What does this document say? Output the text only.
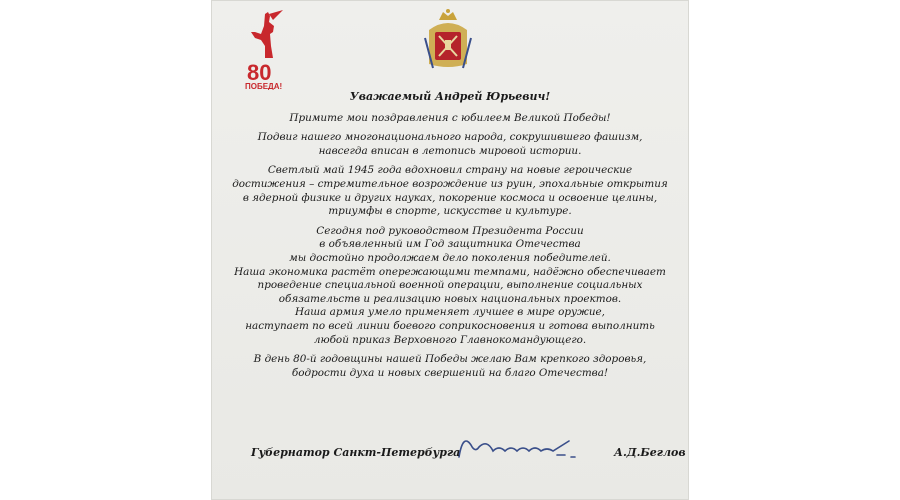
80
ПОБЕДА!
Уважаемый Андрей Юрьевич!

Примите мои поздравления с юбилеем Великой Победы!

Подвиг нашего многонационального народа, сокрушившего фашизм,
навсегда вписан в летопись мировой истории.

Светлый май 1945 года вдохновил страну на новые героические
достижения – стремительное возрождение из руин, эпохальные открытия
в ядерной физике и других науках, покорение космоса и освоение целины,
триумфы в спорте, искусстве и культуре.

Сегодня под руководством Президента России
в объявленный им Год защитника Отечества
мы достойно продолжаем дело поколения победителей.
Наша экономика растёт опережающими темпами, надёжно обеспечивает
проведение специальной военной операции, выполнение социальных
обязательств и реализацию новых национальных проектов.
Наша армия умело применяет лучшее в мире оружие,
наступает по всей линии боевого соприкосновения и готова выполнить
любой приказ Верховного Главнокомандующего.

В день 80-й годовщины нашей Победы желаю Вам крепкого здоровья,
бодрости духа и новых свершений на благо Отечества!

Губернатор Санкт-Петербурга	А.Д.Беглов
